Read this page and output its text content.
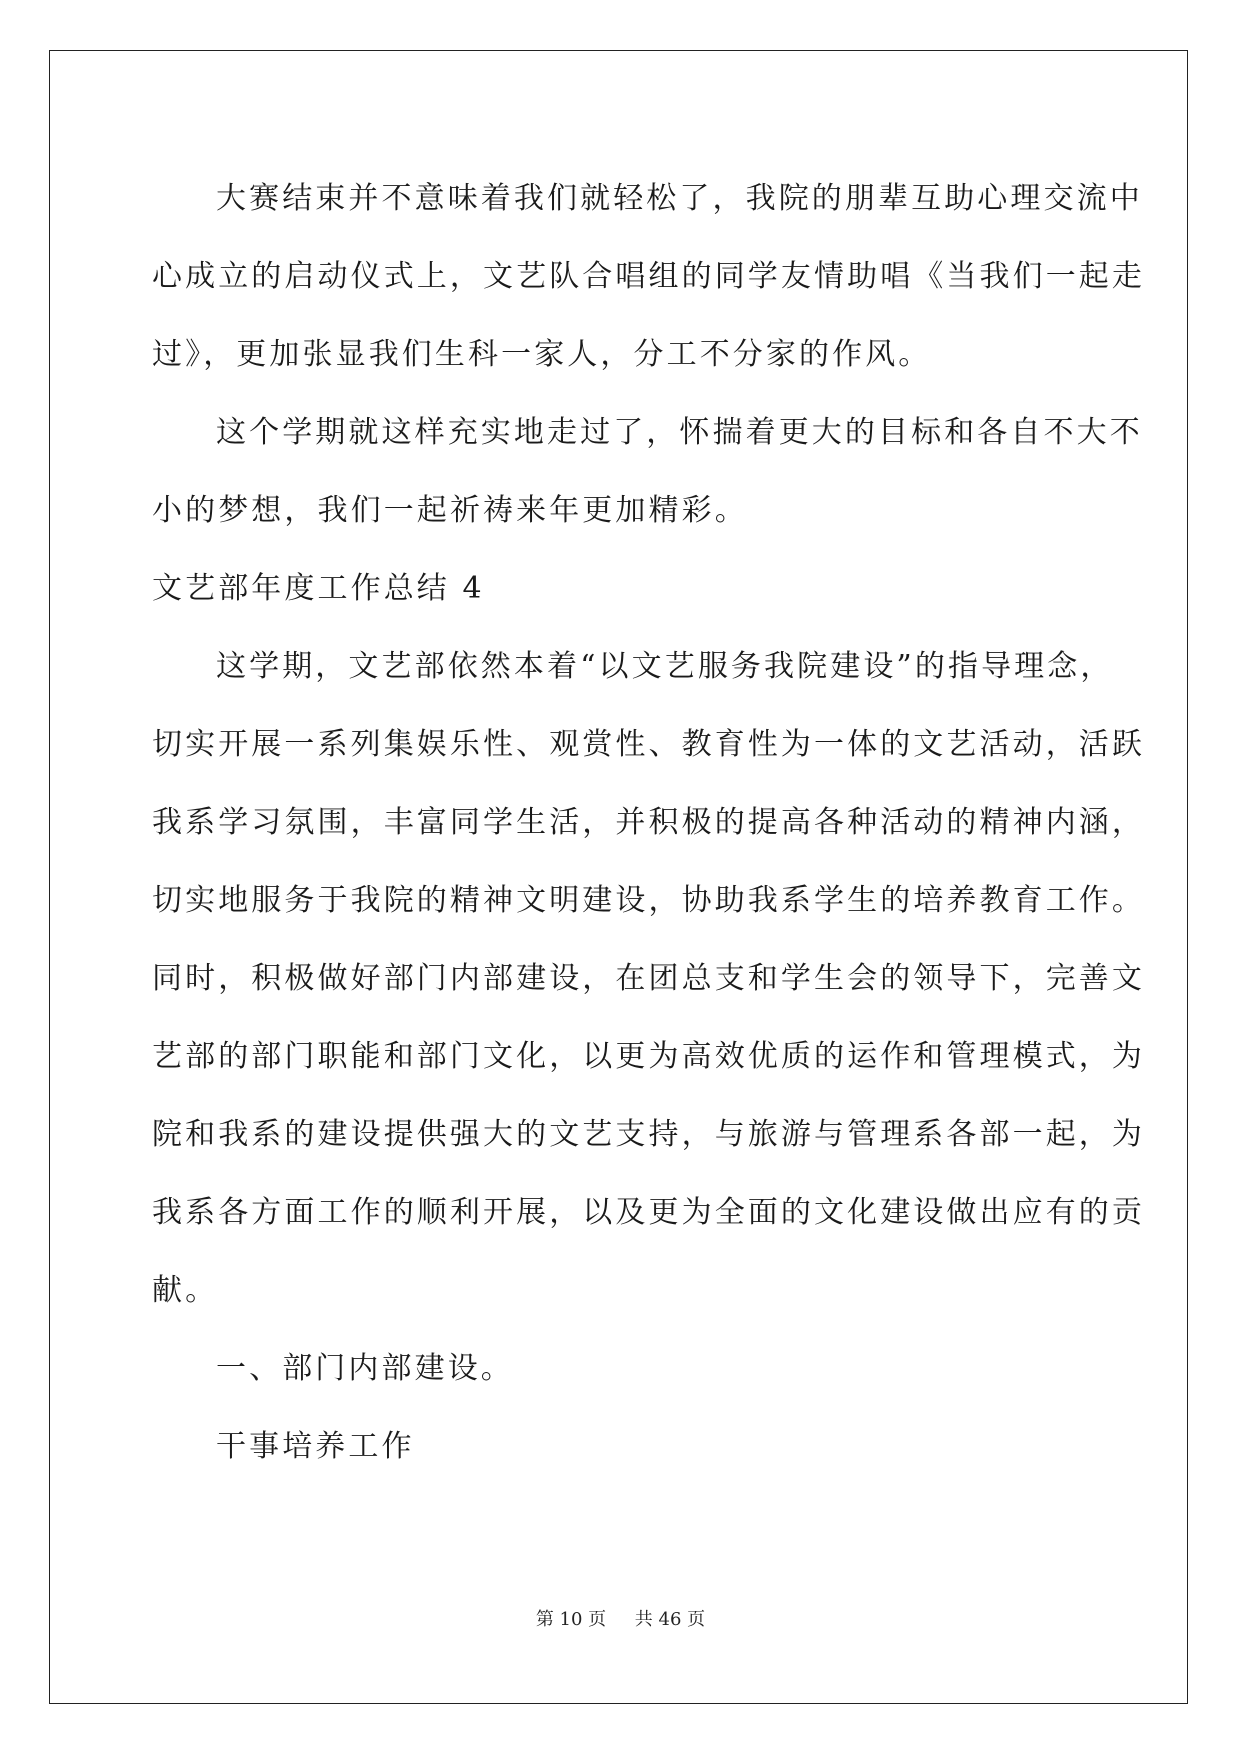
大赛结束并不意味着我们就轻松了，我院的朋辈互助心理交流中
心成立的启动仪式上，文艺队合唱组的同学友情助唱《当我们一起走
过》，更加张显我们生科一家人，分工不分家的作风。
这个学期就这样充实地走过了，怀揣着更大的目标和各自不大不
小的梦想，我们一起祈祷来年更加精彩。
文艺部年度工作总结 4
这学期，文艺部依然本着“以文艺服务我院建设”的指导理念，
切实开展一系列集娱乐性、观赏性、教育性为一体的文艺活动，活跃
我系学习氛围，丰富同学生活，并积极的提高各种活动的精神内涵，
切实地服务于我院的精神文明建设，协助我系学生的培养教育工作。
同时，积极做好部门内部建设，在团总支和学生会的领导下，完善文
艺部的部门职能和部门文化，以更为高效优质的运作和管理模式，为
院和我系的建设提供强大的文艺支持，与旅游与管理系各部一起，为
我系各方面工作的顺利开展，以及更为全面的文化建设做出应有的贡
献。
一、部门内部建设。
干事培养工作
第 10 页 共 46 页
